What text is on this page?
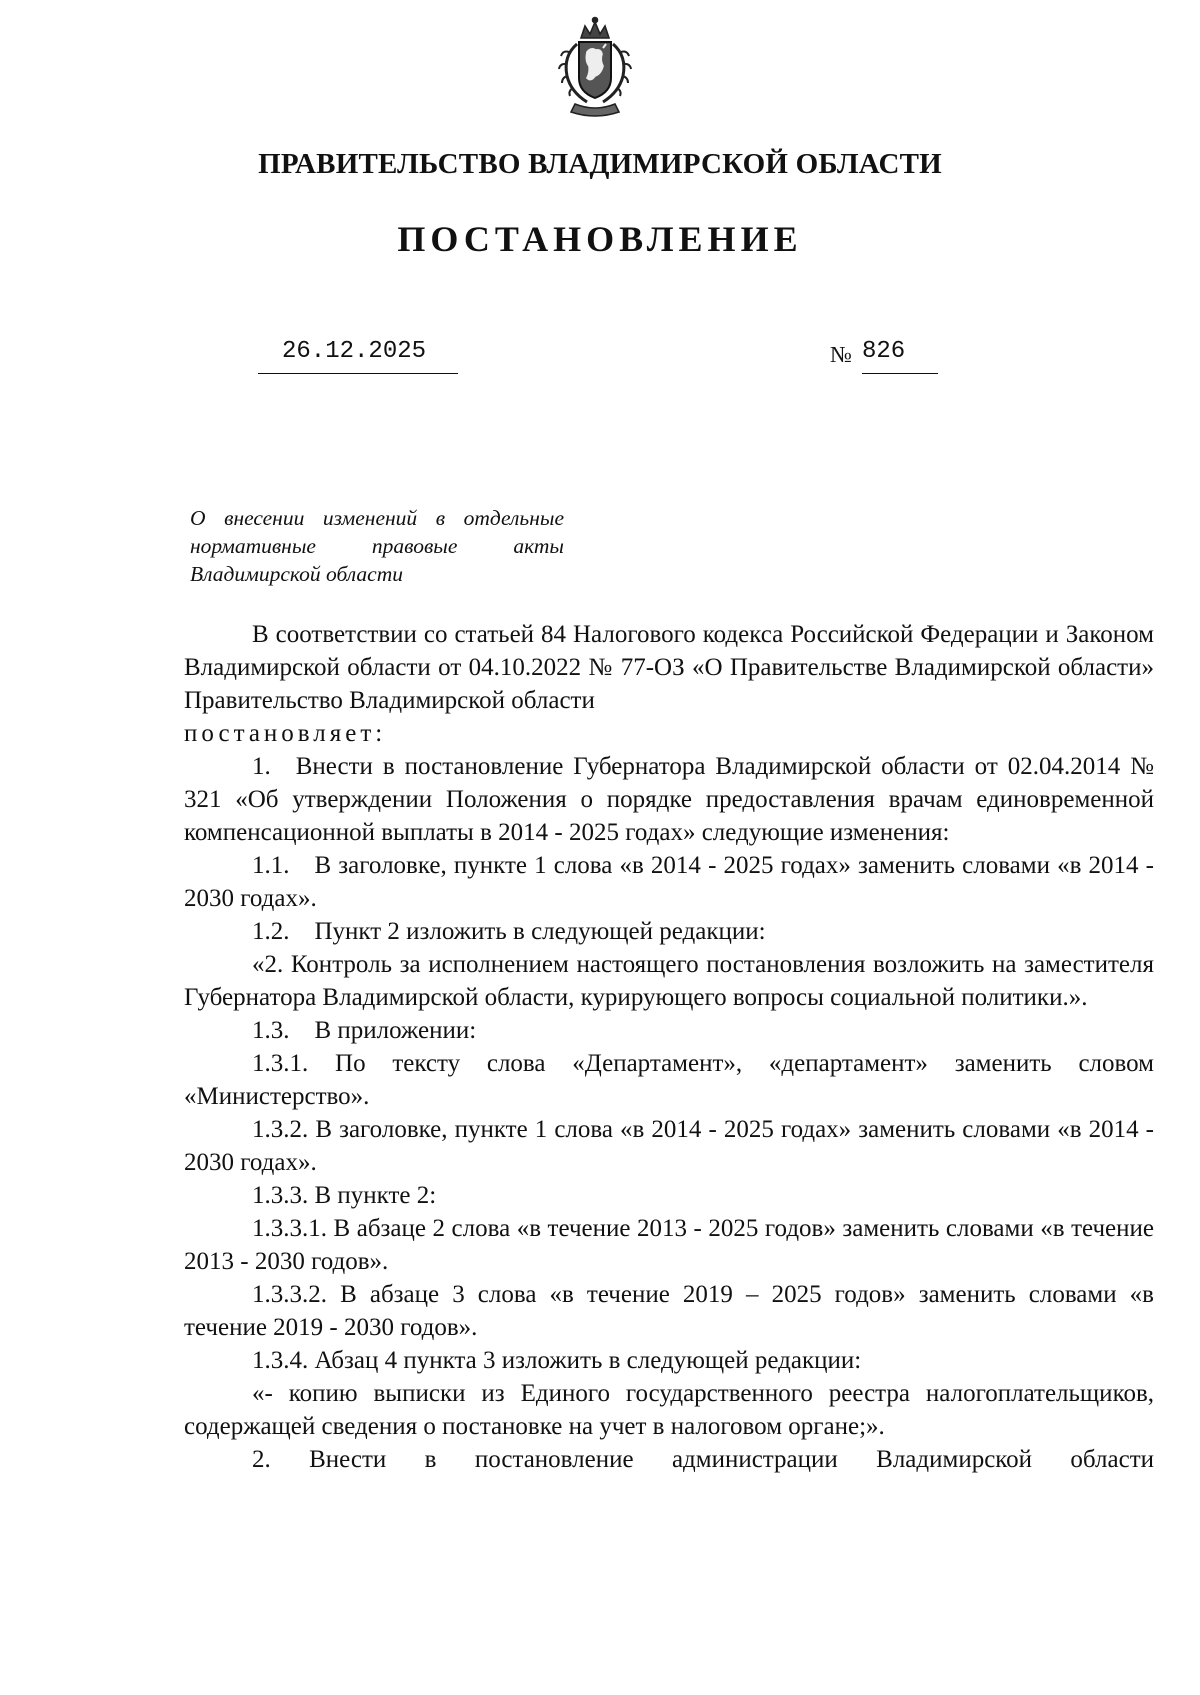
ПРАВИТЕЛЬСТВО ВЛАДИМИРСКОЙ ОБЛАСТИ
ПОСТАНОВЛЕНИЕ
26.12.2025	№ 826
О внесении изменений в отдельные
нормативные правовые акты
Владимирской области

В соответствии со статьей 84 Налогового кодекса Российской Федерации и Законом Владимирской области от 04.10.2022 № 77-ОЗ «О Правительстве Владимирской области» Правительство Владимирской области

постановляет:

1. Внести в постановление Губернатора Владимирской области от 02.04.2014 № 321 «Об утверждении Положения о порядке предоставления врачам единовременной компенсационной выплаты в 2014 - 2025 годах» следующие изменения:

1.1. В заголовке, пункте 1 слова «в 2014 - 2025 годах» заменить словами «в 2014 - 2030 годах».

1.2. Пункт 2 изложить в следующей редакции:

«2. Контроль за исполнением настоящего постановления возложить на заместителя Губернатора Владимирской области, курирующего вопросы социальной политики.».

1.3. В приложении:

1.3.1. По тексту слова «Департамент», «департамент» заменить словом «Министерство».

1.3.2. В заголовке, пункте 1 слова «в 2014 - 2025 годах» заменить словами «в 2014 - 2030 годах».

1.3.3. В пункте 2:

1.3.3.1. В абзаце 2 слова «в течение 2013 - 2025 годов» заменить словами «в течение 2013 - 2030 годов».

1.3.3.2. В абзаце 3 слова «в течение 2019 – 2025 годов» заменить словами «в течение 2019 - 2030 годов».

1.3.4. Абзац 4 пункта 3 изложить в следующей редакции:

«- копию выписки из Единого государственного реестра налогоплательщиков, содержащей сведения о постановке на учет в налоговом органе;».

2. Внести в постановление администрации Владимирской области
